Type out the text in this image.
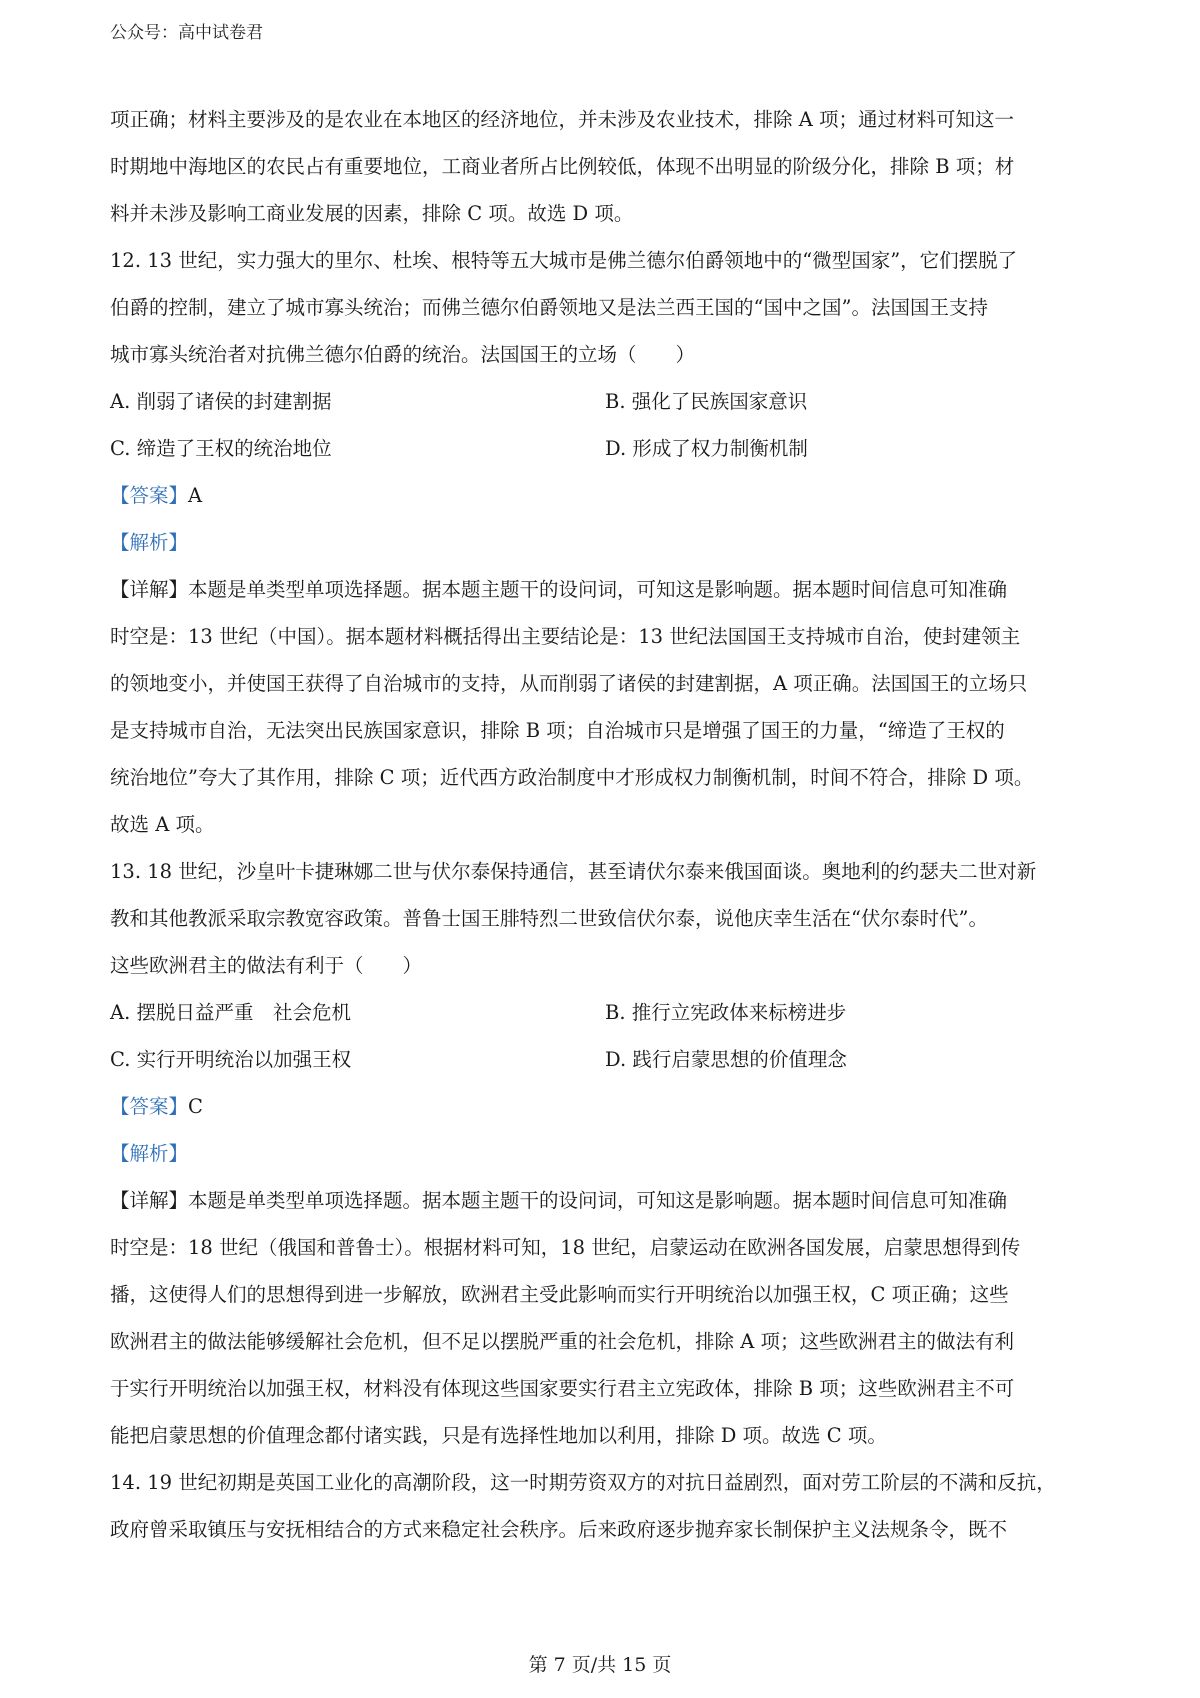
公众号：高中试卷君
项正确；材料主要涉及的是农业在本地区的经济地位，并未涉及农业技术，排除 A 项；通过材料可知这一
时期地中海地区的农民占有重要地位，工商业者所占比例较低，体现不出明显的阶级分化，排除 B 项；材
料并未涉及影响工商业发展的因素，排除 C 项。故选 D 项。
12. 13 世纪，实力强大的里尔、杜埃、根特等五大城市是佛兰德尔伯爵领地中的“微型国家”，它们摆脱了
伯爵的控制，建立了城市寡头统治；而佛兰德尔伯爵领地又是法兰西王国的“国中之国”。法国国王支持
城市寡头统治者对抗佛兰德尔伯爵的统治。法国国王的立场（　　）
A. 削弱了诸侯的封建割据	B. 强化了民族国家意识
C. 缔造了王权的统治地位	D. 形成了权力制衡机制
【答案】A
【解析】
【详解】本题是单类型单项选择题。据本题主题干的设问词，可知这是影响题。据本题时间信息可知准确
时空是：13 世纪（中国）。据本题材料概括得出主要结论是：13 世纪法国国王支持城市自治，使封建领主
的领地变小，并使国王获得了自治城市的支持，从而削弱了诸侯的封建割据，A 项正确。法国国王的立场只
是支持城市自治，无法突出民族国家意识，排除 B 项；自治城市只是增强了国王的力量，“缔造了王权的
统治地位”夸大了其作用，排除 C 项；近代西方政治制度中才形成权力制衡机制，时间不符合，排除 D 项。
故选 A 项。
13. 18 世纪，沙皇叶卡捷琳娜二世与伏尔泰保持通信，甚至请伏尔泰来俄国面谈。奥地利的约瑟夫二世对新
教和其他教派采取宗教宽容政策。普鲁士国王腓特烈二世致信伏尔泰，说他庆幸生活在“伏尔泰时代”。
这些欧洲君主的做法有利于（　　）
A. 摆脱日益严重　社会危机	B. 推行立宪政体来标榜进步
C. 实行开明统治以加强王权	D. 践行启蒙思想的价值理念
【答案】C
【解析】
【详解】本题是单类型单项选择题。据本题主题干的设问词，可知这是影响题。据本题时间信息可知准确
时空是：18 世纪（俄国和普鲁士）。根据材料可知，18 世纪，启蒙运动在欧洲各国发展，启蒙思想得到传
播，这使得人们的思想得到进一步解放，欧洲君主受此影响而实行开明统治以加强王权，C 项正确；这些
欧洲君主的做法能够缓解社会危机，但不足以摆脱严重的社会危机，排除 A 项；这些欧洲君主的做法有利
于实行开明统治以加强王权，材料没有体现这些国家要实行君主立宪政体，排除 B 项；这些欧洲君主不可
能把启蒙思想的价值理念都付诸实践，只是有选择性地加以利用，排除 D 项。故选 C 项。
14. 19 世纪初期是英国工业化的高潮阶段，这一时期劳资双方的对抗日益剧烈，面对劳工阶层的不满和反抗，
政府曾采取镇压与安抚相结合的方式来稳定社会秩序。后来政府逐步抛弃家长制保护主义法规条令，既不
第 7 页/共 15 页
